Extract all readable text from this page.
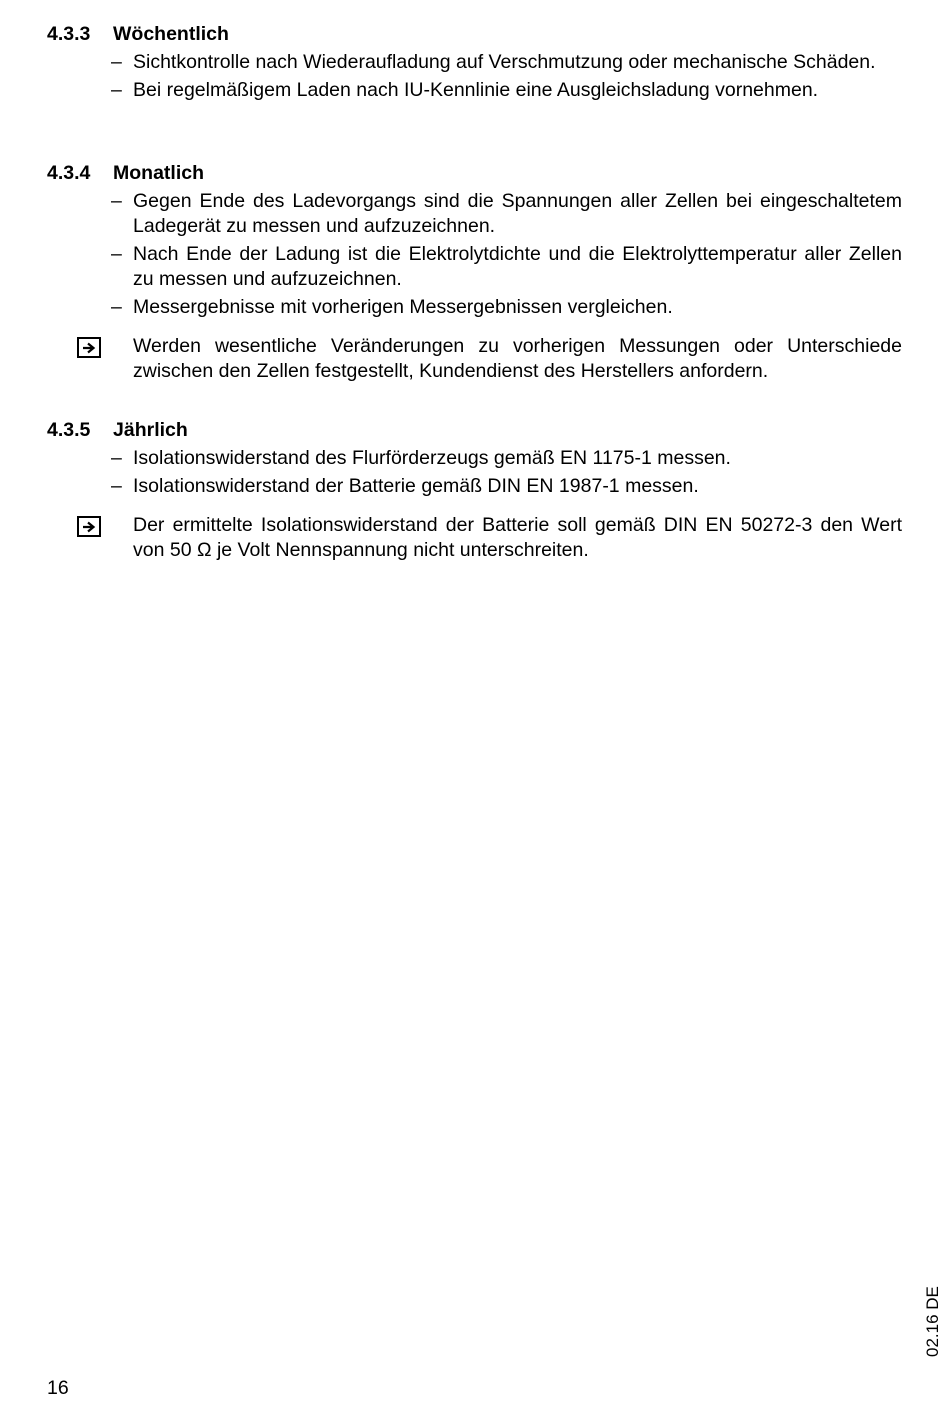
4.3.3 Wöchentlich
– Sichtkontrolle nach Wiederaufladung auf Verschmutzung oder mechanische Schäden.
– Bei regelmäßigem Laden nach IU-Kennlinie eine Ausgleichsladung vornehmen.
4.3.4 Monatlich
– Gegen Ende des Ladevorgangs sind die Spannungen aller Zellen bei eingeschaltetem Ladegerät zu messen und aufzuzeichnen.
– Nach Ende der Ladung ist die Elektrolytdichte und die Elektrolyttemperatur aller Zellen zu messen und aufzuzeichnen.
– Messergebnisse mit vorherigen Messergebnissen vergleichen.
Werden wesentliche Veränderungen zu vorherigen Messungen oder Unterschiede zwischen den Zellen festgestellt, Kundendienst des Herstellers anfordern.
4.3.5 Jährlich
– Isolationswiderstand des Flurförderzeugs gemäß EN 1175-1 messen.
– Isolationswiderstand der Batterie gemäß DIN EN 1987-1 messen.
Der ermittelte Isolationswiderstand der Batterie soll gemäß DIN EN 50272-3 den Wert von 50 Ω je Volt Nennspannung nicht unterschreiten.
16
02.16 DE
